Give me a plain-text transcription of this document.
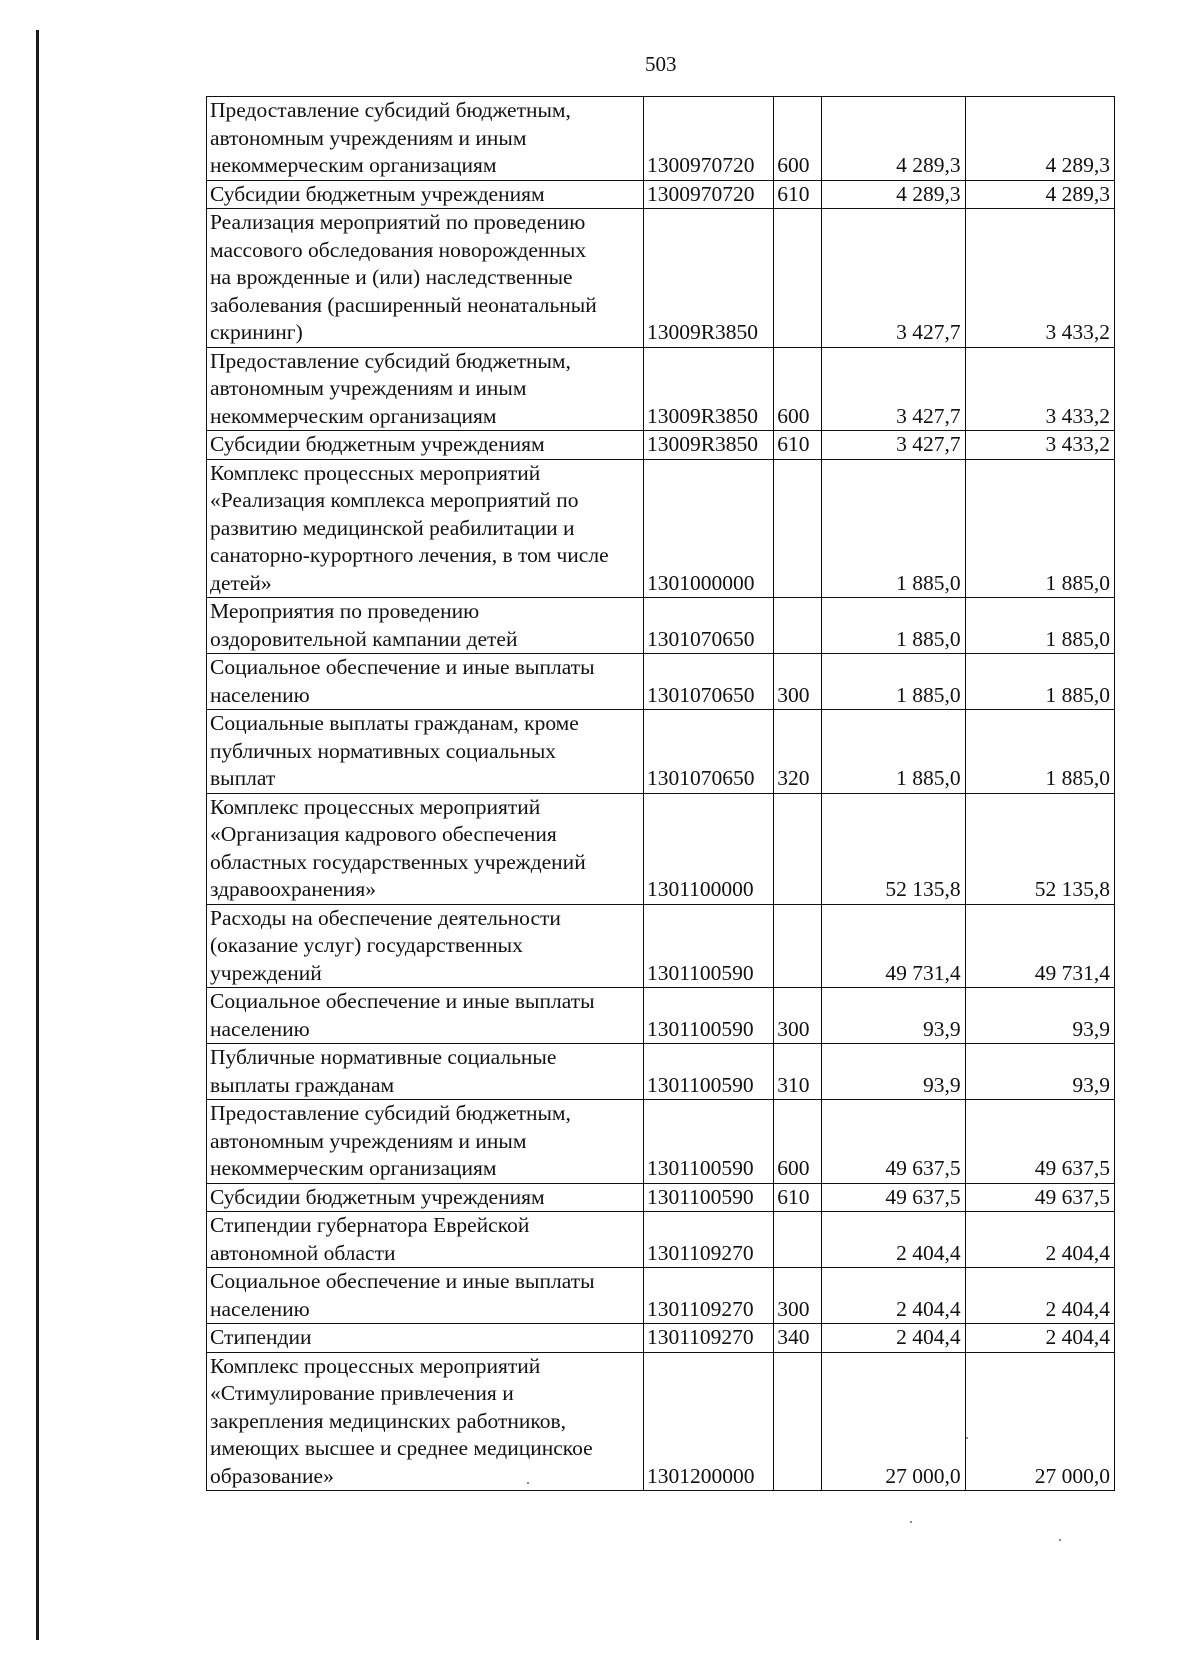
503
Предоставление субсидий бюджетным,
автономным учреждениям и иным
некоммерческим организациям	1300970720	600	4 289,3	4 289,3
Субсидии бюджетным учреждениям	1300970720	610	4 289,3	4 289,3
Реализация мероприятий по проведению
массового обследования новорожденных
на врожденные и (или) наследственные
заболевания (расширенный неонатальный
скрининг)	13009R3850		3 427,7	3 433,2
Предоставление субсидий бюджетным,
автономным учреждениям и иным
некоммерческим организациям	13009R3850	600	3 427,7	3 433,2
Субсидии бюджетным учреждениям	13009R3850	610	3 427,7	3 433,2
Комплекс процессных мероприятий
«Реализация комплекса мероприятий по
развитию медицинской реабилитации и
санаторно-курортного лечения, в том числе
детей»	1301000000		1 885,0	1 885,0
Мероприятия по проведению
оздоровительной кампании детей	1301070650		1 885,0	1 885,0
Социальное обеспечение и иные выплаты
населению	1301070650	300	1 885,0	1 885,0
Социальные выплаты гражданам, кроме
публичных нормативных социальных
выплат	1301070650	320	1 885,0	1 885,0
Комплекс процессных мероприятий
«Организация кадрового обеспечения
областных государственных учреждений
здравоохранения»	1301100000		52 135,8	52 135,8
Расходы на обеспечение деятельности
(оказание услуг) государственных
учреждений	1301100590		49 731,4	49 731,4
Социальное обеспечение и иные выплаты
населению	1301100590	300	93,9	93,9
Публичные нормативные социальные
выплаты гражданам	1301100590	310	93,9	93,9
Предоставление субсидий бюджетным,
автономным учреждениям и иным
некоммерческим организациям	1301100590	600	49 637,5	49 637,5
Субсидии бюджетным учреждениям	1301100590	610	49 637,5	49 637,5
Стипендии губернатора Еврейской
автономной области	1301109270		2 404,4	2 404,4
Социальное обеспечение и иные выплаты
населению	1301109270	300	2 404,4	2 404,4
Стипендии	1301109270	340	2 404,4	2 404,4
Комплекс процессных мероприятий
«Стимулирование привлечения и
закрепления медицинских работников,
имеющих высшее и среднее медицинское
образование»	1301200000		27 000,0	27 000,0
